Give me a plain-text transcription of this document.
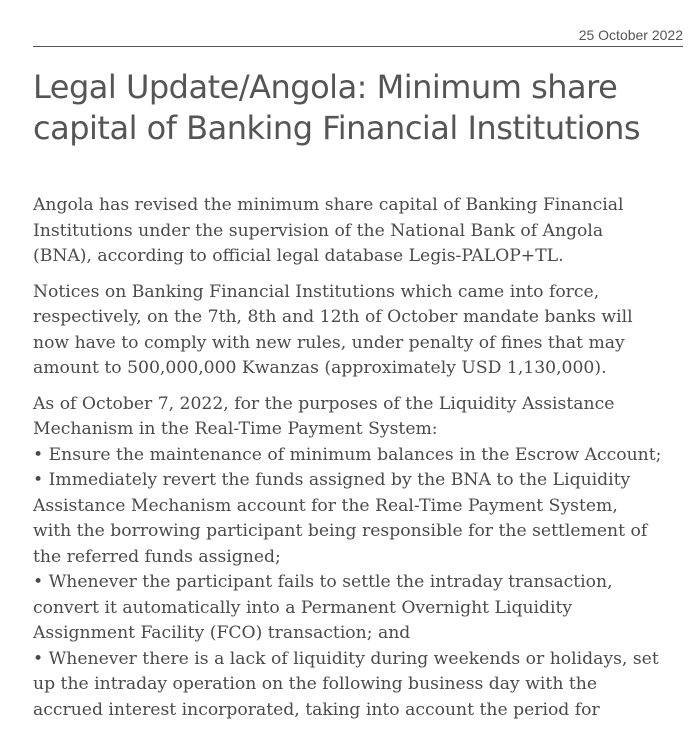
25 October 2022
Legal Update/Angola: Minimum share
capital of Banking Financial Institutions

Angola has revised the minimum share capital of Banking Financial
Institutions under the supervision of the National Bank of Angola
(BNA), according to official legal database Legis-PALOP+TL.

Notices on Banking Financial Institutions which came into force,
respectively, on the 7th, 8th and 12th of October mandate banks will
now have to comply with new rules, under penalty of fines that may
amount to 500,000,000 Kwanzas (approximately USD 1,130,000).

As of October 7, 2022, for the purposes of the Liquidity Assistance
Mechanism in the Real-Time Payment System:
• Ensure the maintenance of minimum balances in the Escrow Account;
• Immediately revert the funds assigned by the BNA to the Liquidity
Assistance Mechanism account for the Real-Time Payment System,
with the borrowing participant being responsible for the settlement of
the referred funds assigned;
• Whenever the participant fails to settle the intraday transaction,
convert it automatically into a Permanent Overnight Liquidity
Assignment Facility (FCO) transaction; and
• Whenever there is a lack of liquidity during weekends or holidays, set
up the intraday operation on the following business day with the
accrued interest incorporated, taking into account the period for
